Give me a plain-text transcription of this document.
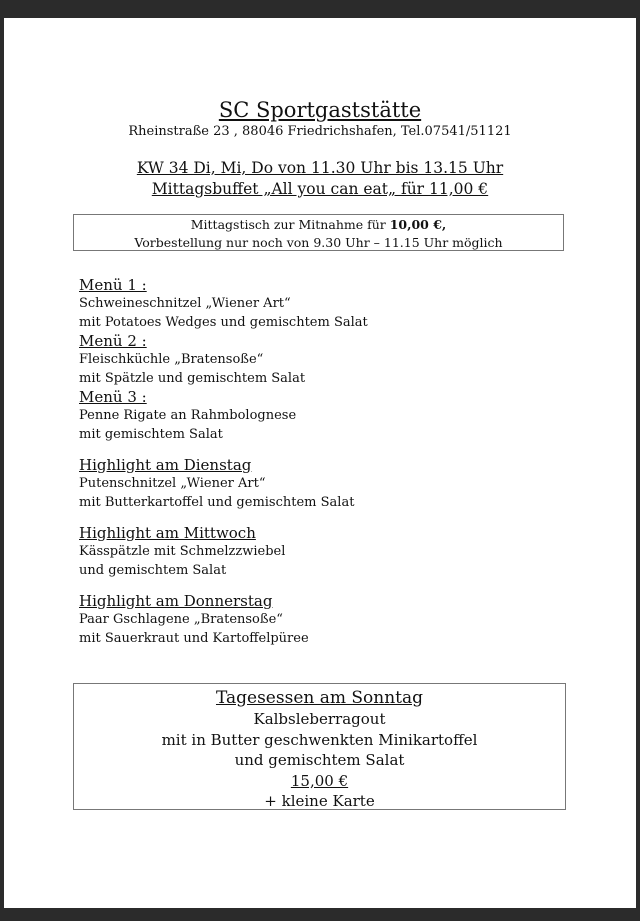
SC Sportgaststätte
Rheinstraße 23 , 88046 Friedrichshafen, Tel.07541/51121
KW 34 Di, Mi, Do von 11.30 Uhr bis 13.15 Uhr
Mittagsbuffet „All you can eat„ für 11,00 €
Mittagstisch zur Mitnahme für 10,00 €,
Vorbestellung nur noch von 9.30 Uhr – 11.15 Uhr möglich
Menü 1 :
Schweineschnitzel „Wiener Art“
mit Potatoes Wedges und gemischtem Salat
Menü 2 :
Fleischküchle „Bratensoße“
mit Spätzle und gemischtem Salat
Menü 3 :
Penne Rigate an Rahmbolognese
mit gemischtem Salat
Highlight am Dienstag
Putenschnitzel „Wiener Art“
mit Butterkartoffel und gemischtem Salat
Highlight am Mittwoch
Kässpätzle mit Schmelzzwiebel
und gemischtem Salat
Highlight am Donnerstag
Paar Gschlagene „Bratensoße“
mit Sauerkraut und Kartoffelpüree
Tagesessen am Sonntag
Kalbsleberragout
mit in Butter geschwenkten Minikartoffel
und gemischtem Salat
15,00 €
+ kleine Karte
